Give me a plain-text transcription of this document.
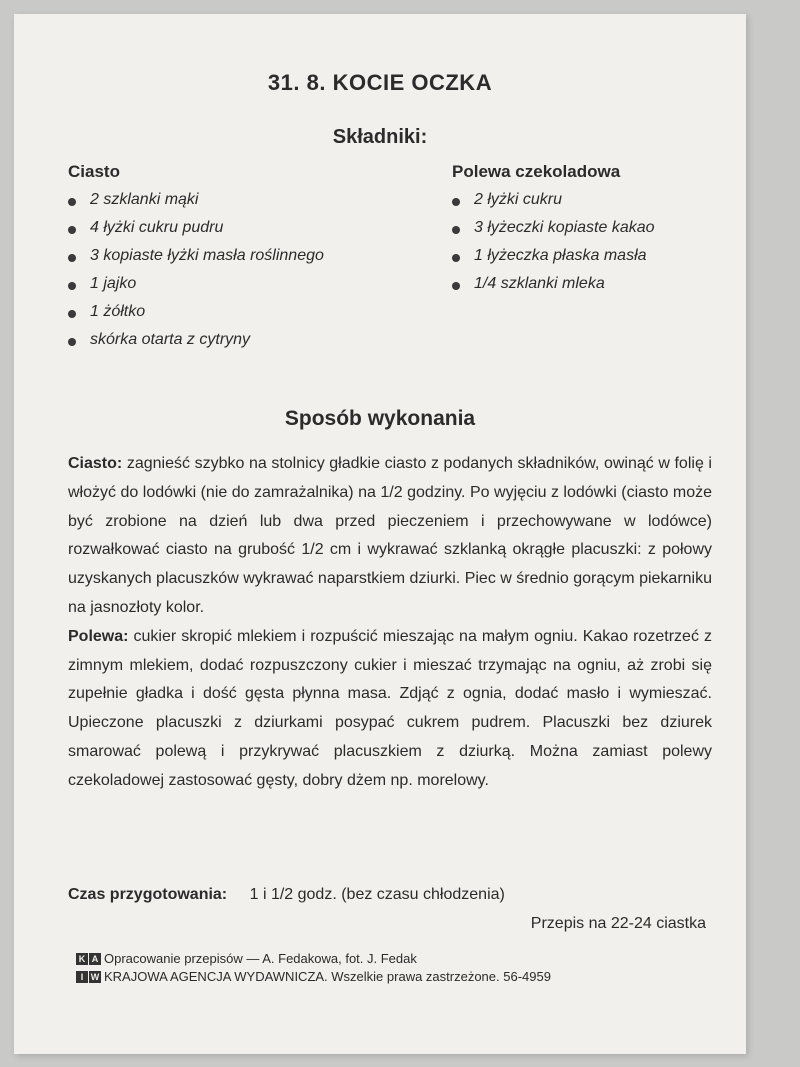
31. 8. KOCIE OCZKA
Składniki:
Ciasto
2 szklanki mąki
4 łyżki cukru pudru
3 kopiaste łyżki masła roślinnego
1 jajko
1 żółtko
skórka otarta z cytryny
Polewa czekoladowa
2 łyżki cukru
3 łyżeczki kopiaste kakao
1 łyżeczka płaska masła
1/4 szklanki mleka
Sposób wykonania

Ciasto: zagnieść szybko na stolnicy gładkie ciasto z podanych składników, owinąć w folię i włożyć do lodówki (nie do zamrażalnika) na 1/2 godziny. Po wyjęciu z lodówki (ciasto może być zrobione na dzień lub dwa przed pieczeniem i przechowywane w lodówce) rozwałkować ciasto na grubość 1/2 cm i wykrawać szklanką okrągłe placuszki: z połowy uzyskanych placuszków wykrawać naparstkiem dziurki. Piec w średnio gorącym piekarniku na jasnozłoty kolor.

Polewa: cukier skropić mlekiem i rozpuścić mieszając na małym ogniu. Kakao rozetrzeć z zimnym mlekiem, dodać rozpuszczony cukier i mieszać trzymając na ogniu, aż zrobi się zupełnie gładka i dość gęsta płynna masa. Zdjąć z ognia, dodać masło i wymieszać. Upieczone placuszki z dziurkami posypać cukrem pudrem. Placuszki bez dziurek smarować polewą i przykrywać placuszkiem z dziurką. Można zamiast polewy czekoladowej zastosować gęsty, dobry dżem np. morelowy.

Czas przygotowania: 1 i 1/2 godz. (bez czasu chłodzenia)
Przepis na 22-24 ciastka
K A Opracowanie przepisów — A. Fedakowa, fot. J. Fedak
I W KRAJOWA AGENCJA WYDAWNICZA. Wszelkie prawa zastrzeżone. 56-4959
